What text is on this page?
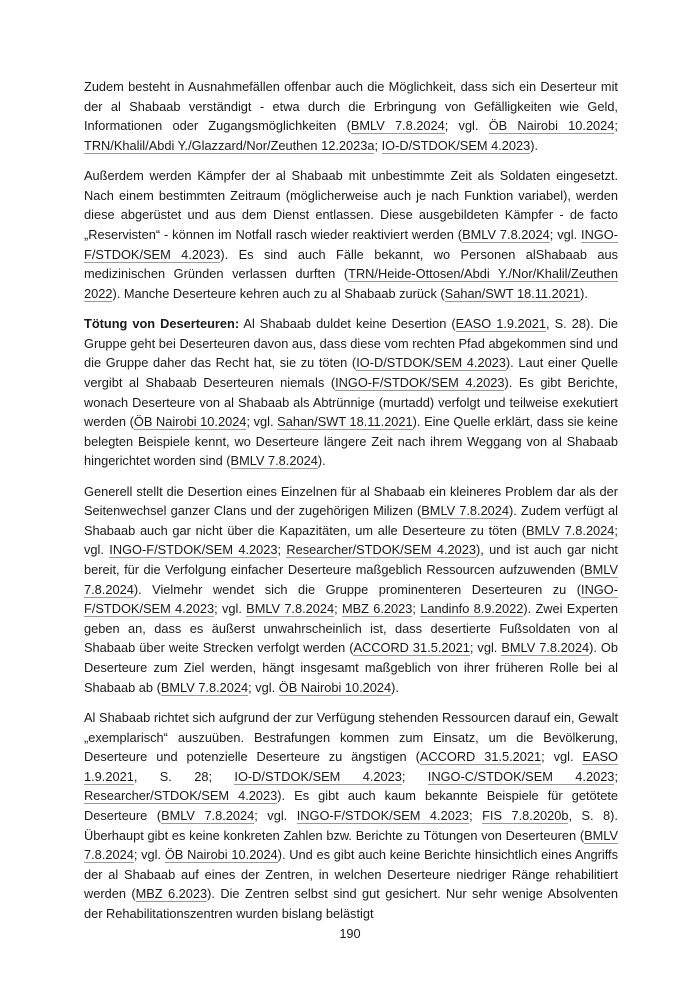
Zudem besteht in Ausnahmefällen offenbar auch die Möglichkeit, dass sich ein Deserteur mit der al Shabaab verständigt - etwa durch die Erbringung von Gefälligkeiten wie Geld, Informationen oder Zugangsmöglichkeiten (BMLV 7.8.2024; vgl. ÖB Nairobi 10.2024; TRN/Khalil/Abdi Y./Glazzard/Nor/Zeuthen 12.2023a; IO-D/STDOK/SEM 4.2023).

Außerdem werden Kämpfer der al Shabaab mit unbestimmte Zeit als Soldaten eingesetzt. Nach einem bestimmten Zeitraum (möglicherweise auch je nach Funktion variabel), werden diese abgerüstet und aus dem Dienst entlassen. Diese ausgebildeten Kämpfer - de facto „Reservisten“ - können im Notfall rasch wieder reaktiviert werden (BMLV 7.8.2024; vgl. INGO-F/STDOK/SEM 4.2023). Es sind auch Fälle bekannt, wo Personen alShabaab aus medizinischen Gründen verlassen durften (TRN/Heide-Ottosen/Abdi Y./Nor/Khalil/Zeuthen 2022). Manche Deserteure kehren auch zu al Shabaab zurück (Sahan/SWT 18.11.2021).

Tötung von Deserteuren: Al Shabaab duldet keine Desertion (EASO 1.9.2021, S. 28). Die Gruppe geht bei Deserteuren davon aus, dass diese vom rechten Pfad abgekommen sind und die Gruppe daher das Recht hat, sie zu töten (IO-D/STDOK/SEM 4.2023). Laut einer Quelle vergibt al Shabaab Deserteuren niemals (INGO-F/STDOK/SEM 4.2023). Es gibt Berichte, wonach Deserteure von al Shabaab als Abtrünnige (murtadd) verfolgt und teilweise exekutiert werden (ÖB Nairobi 10.2024; vgl. Sahan/SWT 18.11.2021). Eine Quelle erklärt, dass sie keine belegten Beispiele kennt, wo Deserteure längere Zeit nach ihrem Weggang von al Shabaab hingerichtet worden sind (BMLV 7.8.2024).

Generell stellt die Desertion eines Einzelnen für al Shabaab ein kleineres Problem dar als der Seitenwechsel ganzer Clans und der zugehörigen Milizen (BMLV 7.8.2024). Zudem verfügt al Shabaab auch gar nicht über die Kapazitäten, um alle Deserteure zu töten (BMLV 7.8.2024; vgl. INGO-F/STDOK/SEM 4.2023; Researcher/STDOK/SEM 4.2023), und ist auch gar nicht bereit, für die Verfolgung einfacher Deserteure maßgeblich Ressourcen aufzuwenden (BMLV 7.8.2024). Vielmehr wendet sich die Gruppe prominenteren Deserteuren zu (INGO-F/STDOK/SEM 4.2023; vgl. BMLV 7.8.2024; MBZ 6.2023; Landinfo 8.9.2022). Zwei Experten geben an, dass es äußerst unwahrscheinlich ist, dass desertierte Fußsoldaten von al Shabaab über weite Strecken verfolgt werden (ACCORD 31.5.2021; vgl. BMLV 7.8.2024). Ob Deserteure zum Ziel werden, hängt insgesamt maßgeblich von ihrer früheren Rolle bei al Shabaab ab (BMLV 7.8.2024; vgl. ÖB Nairobi 10.2024).

Al Shabaab richtet sich aufgrund der zur Verfügung stehenden Ressourcen darauf ein, Gewalt „exemplarisch“ auszuüben. Bestrafungen kommen zum Einsatz, um die Bevölkerung, Deserteure und potenzielle Deserteure zu ängstigen (ACCORD 31.5.2021; vgl. EASO 1.9.2021, S. 28; IO-D/STDOK/SEM 4.2023; INGO-C/STDOK/SEM 4.2023; Researcher/STDOK/SEM 4.2023). Es gibt auch kaum bekannte Beispiele für getötete Deserteure (BMLV 7.8.2024; vgl. INGO-F/STDOK/SEM 4.2023; FIS 7.8.2020b, S. 8). Überhaupt gibt es keine konkreten Zahlen bzw. Berichte zu Tötungen von Deserteuren (BMLV 7.8.2024; vgl. ÖB Nairobi 10.2024). Und es gibt auch keine Berichte hinsichtlich eines Angriffs der al Shabaab auf eines der Zentren, in welchen Deserteure niedriger Ränge rehabilitiert werden (MBZ 6.2023). Die Zentren selbst sind gut gesichert. Nur sehr wenige Absolventen der Rehabilitationszentren wurden bislang belästigt

190
